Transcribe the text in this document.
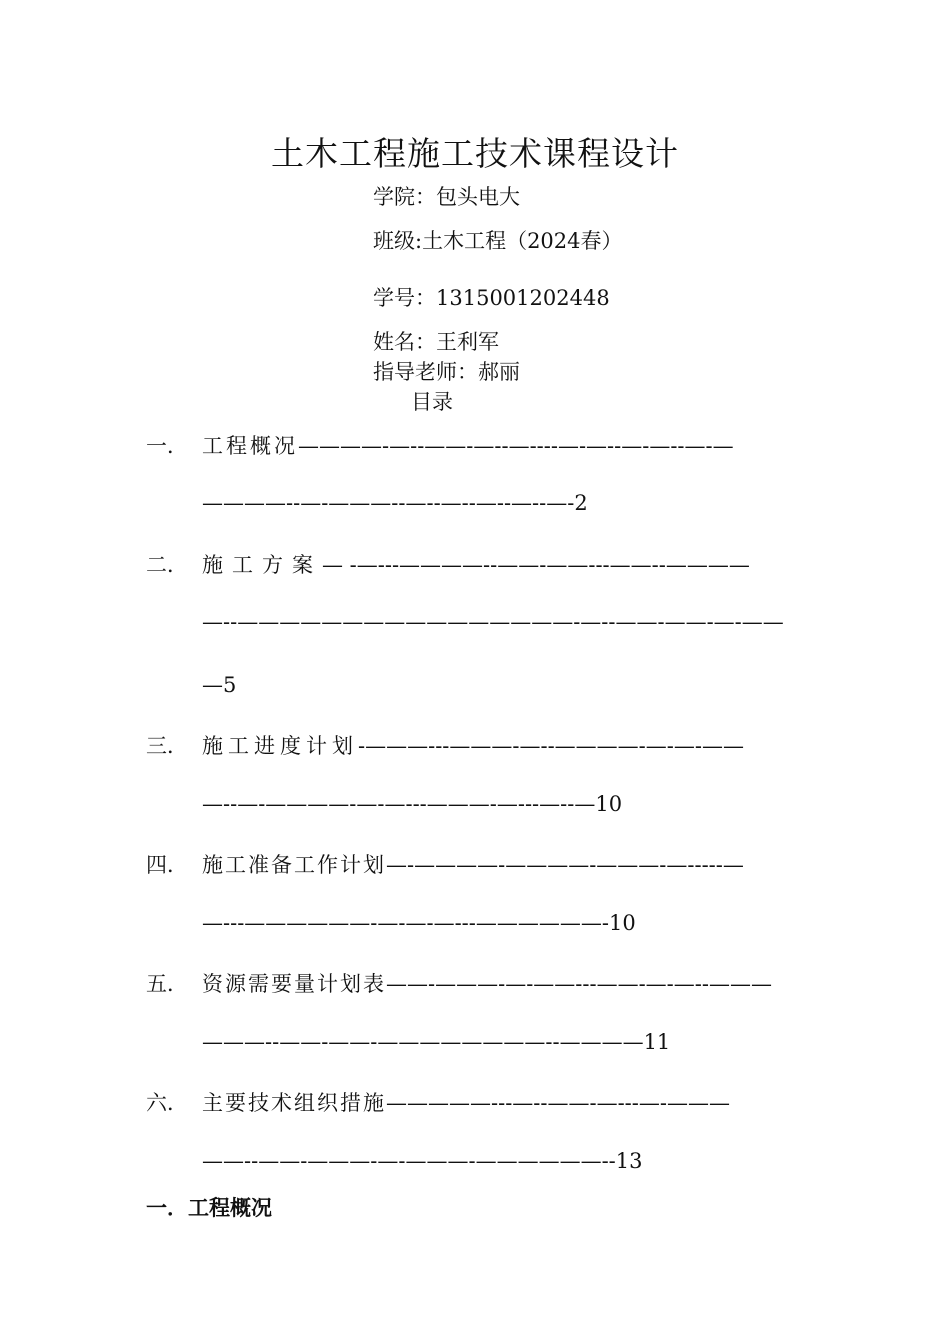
土木工程施工技术课程设计
学院：包头电大
班级:土木工程（2024春）
学号：1315001202448
姓名：王利军
指导老师：郝丽
目录
一． 工程概况————-—--——-—--—----—-—--—-—--—-—
————--—-———--—--—--—--—--—-2
二． 施工方案— -—---————--——-——---——--————
—--————————————————-—--——-——-—-——
—5
三． 施工进度计划-———---———-—--————-—-—-——
—--—-————-—-—---———-—---—--—10
四． 施工准备工作计划—-————-————-———-—-----—
—---——————-—-—-—---——————-10
五． 资源需要量计划表——-———-—-——---——-—-—--———
———--——-——-————————--————11
六． 主要技术组织措施—————---—--——-—---—-———
——--——-———-—-———-——————--13
一．工程概况
